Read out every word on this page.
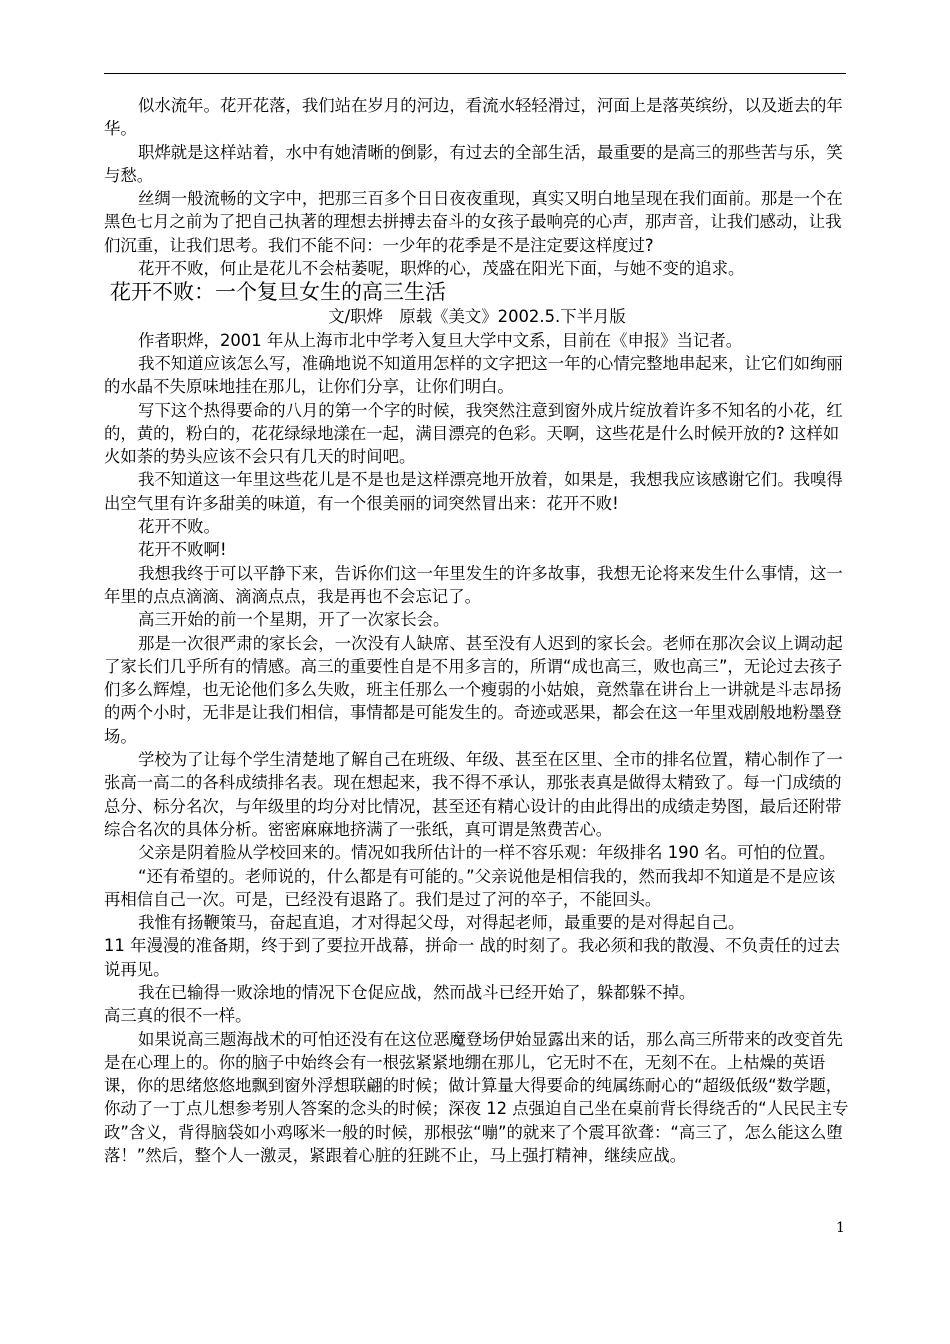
似水流年。花开花落，我们站在岁月的河边，看流水轻轻滑过，河面上是落英缤纷，以及逝去的年华。

职烨就是这样站着，水中有她清晰的倒影，有过去的全部生活，最重要的是高三的那些苦与乐，笑与愁。

丝绸一般流畅的文字中，把那三百多个日日夜夜重现，真实又明白地呈现在我们面前。那是一个在黑色七月之前为了把自己执著的理想去拼搏去奋斗的女孩子最响亮的心声，那声音，让我们感动，让我们沉重，让我们思考。我们不能不问：一少年的花季是不是注定要这样度过?

花开不败，何止是花儿不会枯萎呢，职烨的心，茂盛在阳光下面，与她不变的追求。

花开不败：一个复旦女生的高三生活

文/职烨　原载《美文》2002.5.下半月版

作者职烨，2001 年从上海市北中学考入复旦大学中文系，目前在《申报》当记者。

我不知道应该怎么写，准确地说不知道用怎样的文字把这一年的心情完整地串起来，让它们如绚丽的水晶不失原味地挂在那儿，让你们分享，让你们明白。

写下这个热得要命的八月的第一个字的时候，我突然注意到窗外成片绽放着许多不知名的小花，红的，黄的，粉白的，花花绿绿地漾在一起，满目漂亮的色彩。天啊，这些花是什么时候开放的? 这样如火如荼的势头应该不会只有几天的时间吧。

我不知道这一年里这些花儿是不是也是这样漂亮地开放着，如果是，我想我应该感谢它们。我嗅得出空气里有许多甜美的味道，有一个很美丽的词突然冒出来：花开不败!

花开不败。

花开不败啊!

我想我终于可以平静下来，告诉你们这一年里发生的许多故事，我想无论将来发生什么事情，这一年里的点点滴滴、滴滴点点，我是再也不会忘记了。

高三开始的前一个星期，开了一次家长会。

那是一次很严肃的家长会，一次没有人缺席、甚至没有人迟到的家长会。老师在那次会议上调动起了家长们几乎所有的情感。高三的重要性自是不用多言的，所谓“成也高三，败也高三”，无论过去孩子们多么辉煌，也无论他们多么失败，班主任那么一个瘦弱的小姑娘，竟然靠在讲台上一讲就是斗志昂扬的两个小时，无非是让我们相信，事情都是可能发生的。奇迹或恶果，都会在这一年里戏剧般地粉墨登场。

学校为了让每个学生清楚地了解自己在班级、年级、甚至在区里、全市的排名位置，精心制作了一张高一高二的各科成绩排名表。现在想起来，我不得不承认，那张表真是做得太精致了。每一门成绩的总分、标分名次，与年级里的均分对比情况，甚至还有精心设计的由此得出的成绩走势图，最后还附带综合名次的具体分析。密密麻麻地挤满了一张纸，真可谓是煞费苦心。

父亲是阴着脸从学校回来的。情况如我所估计的一样不容乐观：年级排名 190 名。可怕的位置。

“还有希望的。老师说的，什么都是有可能的。”父亲说他是相信我的，然而我却不知道是不是应该再相信自己一次。可是，已经没有退路了。我们是过了河的卒子，不能回头。

我惟有扬鞭策马，奋起直追，才对得起父母，对得起老师，最重要的是对得起自己。

11 年漫漫的准备期，终于到了要拉开战幕，拼命一 战的时刻了。我必须和我的散漫、不负责任的过去说再见。

我在已输得一败涂地的情况下仓促应战，然而战斗已经开始了，躲都躲不掉。

高三真的很不一样。

如果说高三题海战术的可怕还没有在这位恶魔登场伊始显露出来的话，那么高三所带来的改变首先是在心理上的。你的脑子中始终会有一根弦紧紧地绷在那儿，它无时不在，无刻不在。上枯燥的英语课，你的思绪悠悠地飘到窗外浮想联翩的时候；做计算量大得要命的纯属练耐心的“超级低级“数学题，你动了一丁点儿想参考别人答案的念头的时候；深夜 12 点强迫自己坐在桌前背长得绕舌的“人民民主专政”含义，背得脑袋如小鸡啄米一般的时候，那根弦“嘣”的就来了个震耳欲聋：“高三了，怎么能这么堕落！”然后，整个人一激灵，紧跟着心脏的狂跳不止，马上强打精神，继续应战。

1
